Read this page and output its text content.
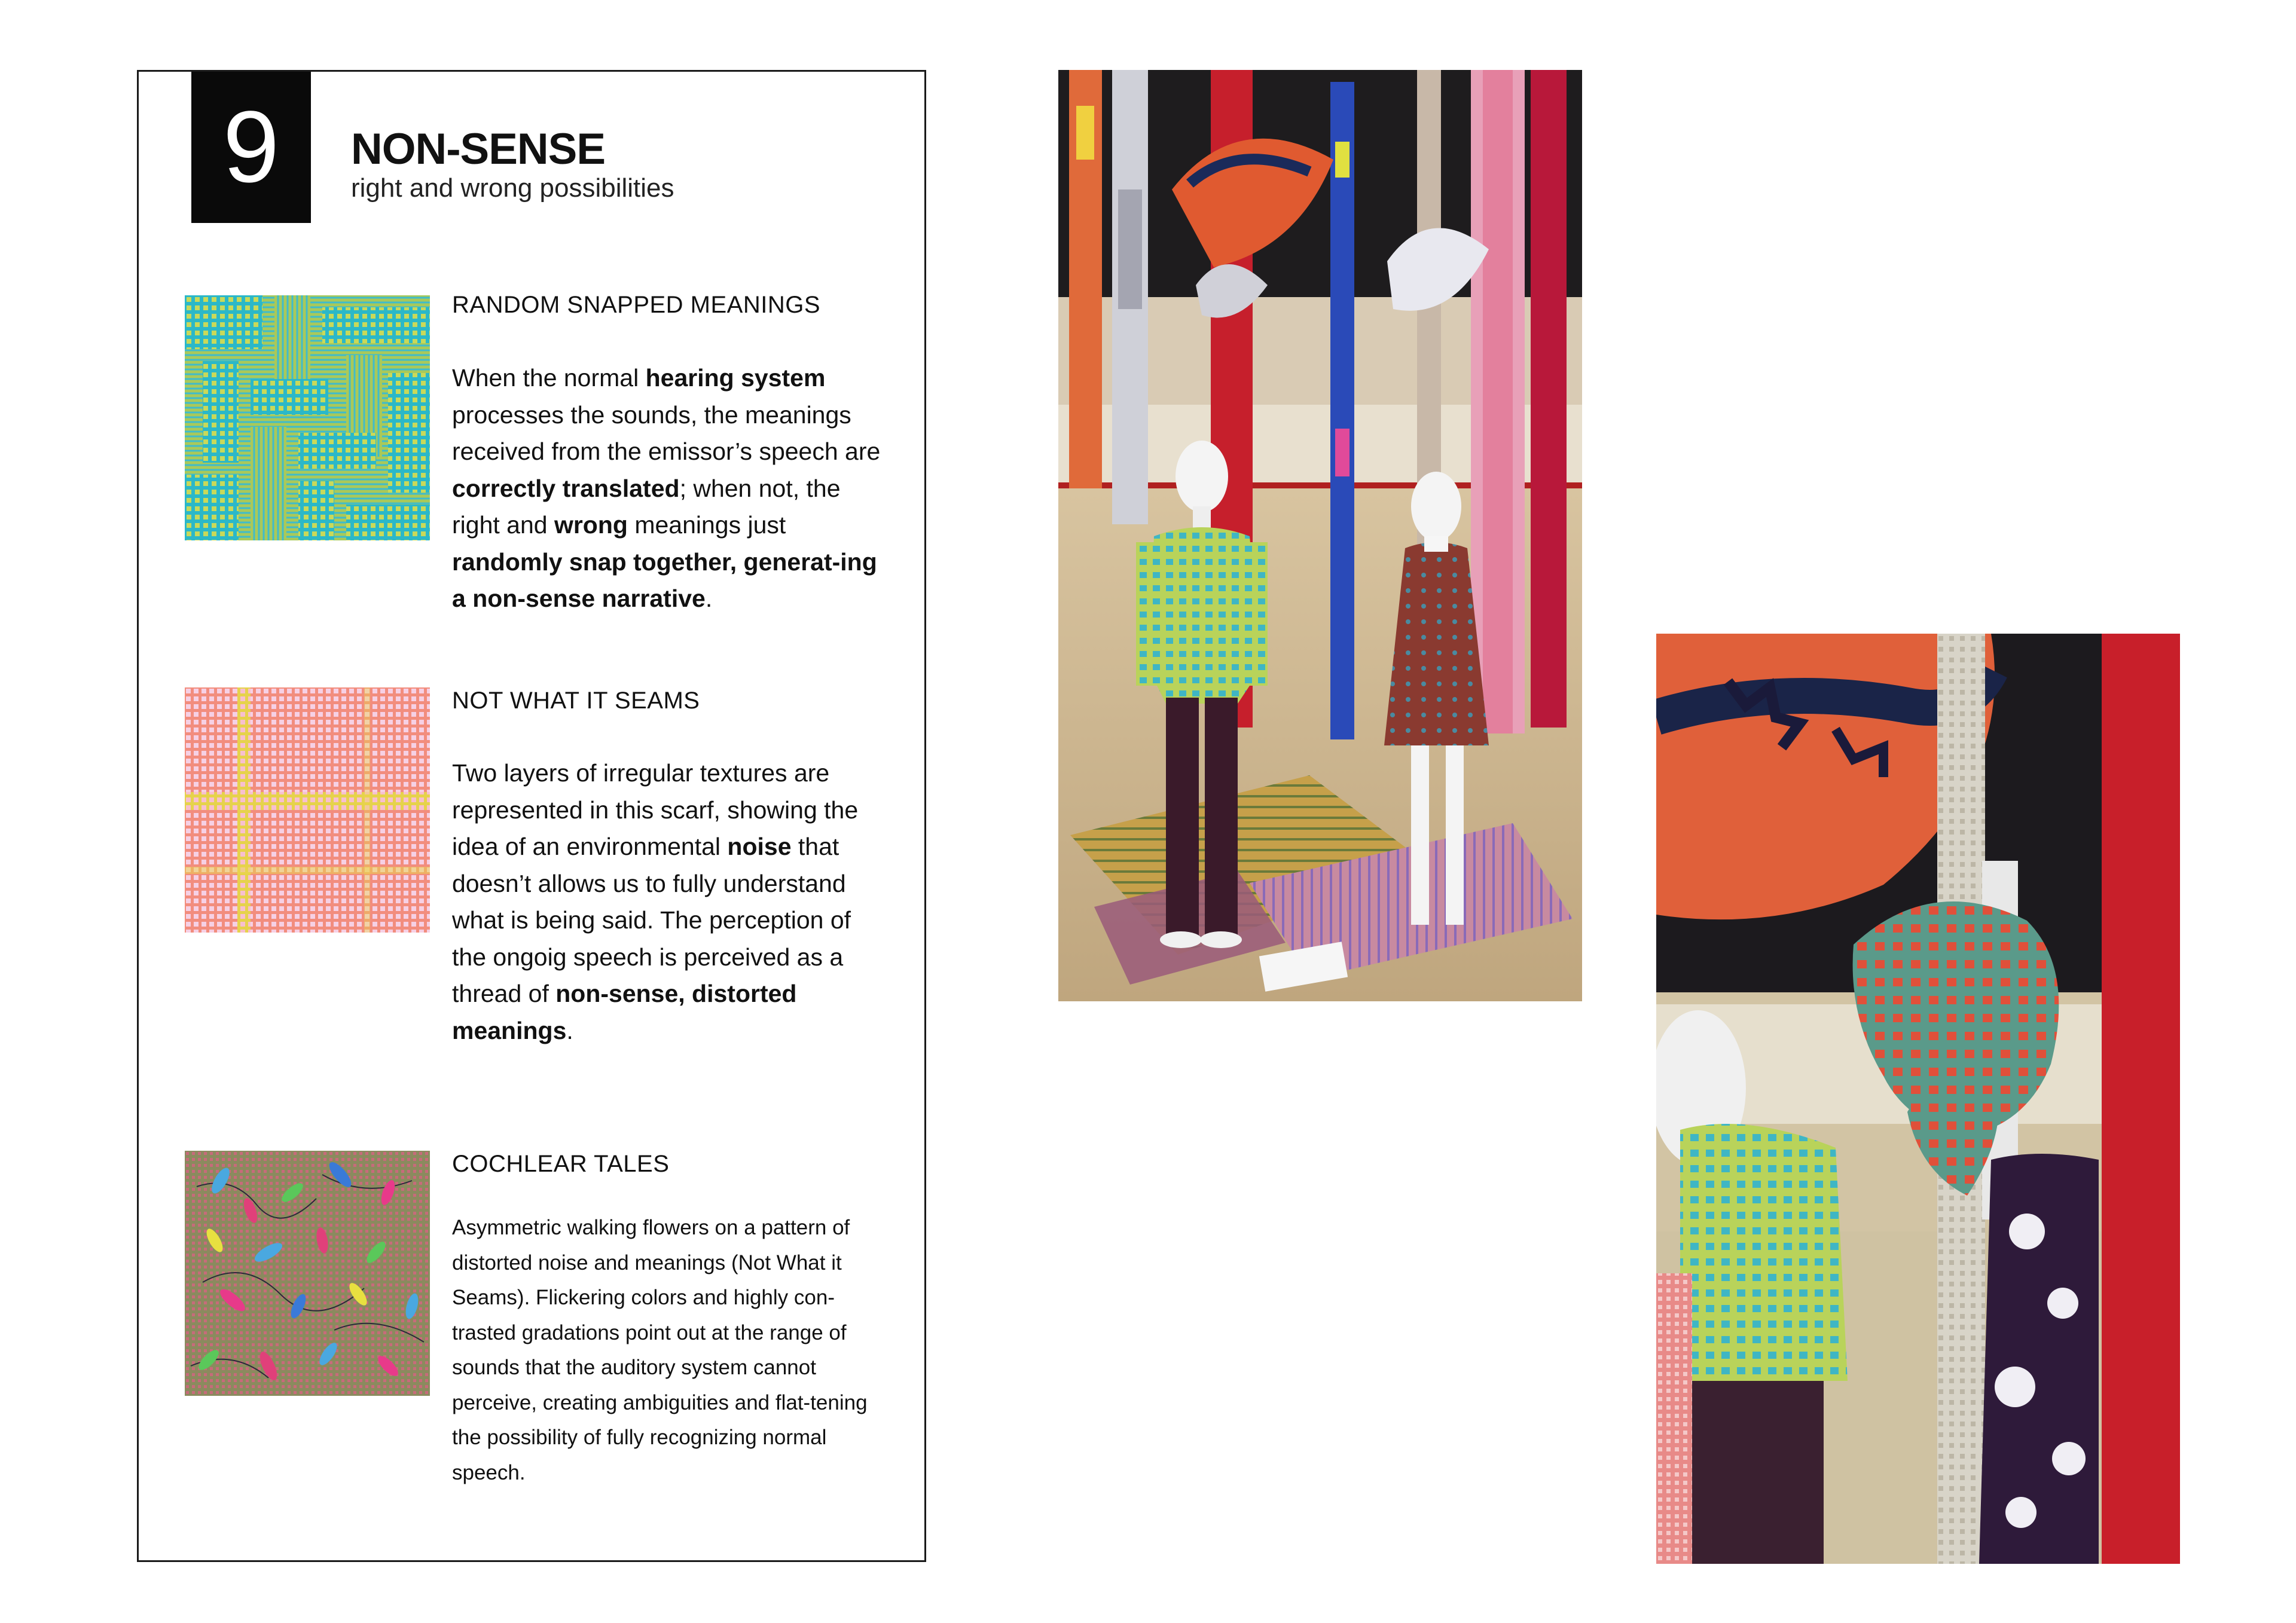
9	NON-SENSE
right and wrong possibilities
RANDOM SNAPPED MEANINGS
When the normal hearing system processes the sounds, the meanings received from the emissor’s speech are correctly translated; when not, the right and wrong meanings just randomly snap together, generat-ing a non-sense narrative.
NOT WHAT IT SEAMS
Two layers of irregular textures are represented in this scarf, showing the idea of an environmental noise that doesn’t allows us to fully understand what is being said. The perception of the ongoig speech is perceived as a thread of non-sense, distorted meanings.
COCHLEAR TALES
Asymmetric walking flowers on a pattern of distorted noise and meanings (Not What it Seams). Flickering colors and highly con-trasted gradations point out at the range of sounds that the auditory system cannot perceive, creating ambiguities and flat-tening the possibility of fully recognizing normal speech.
